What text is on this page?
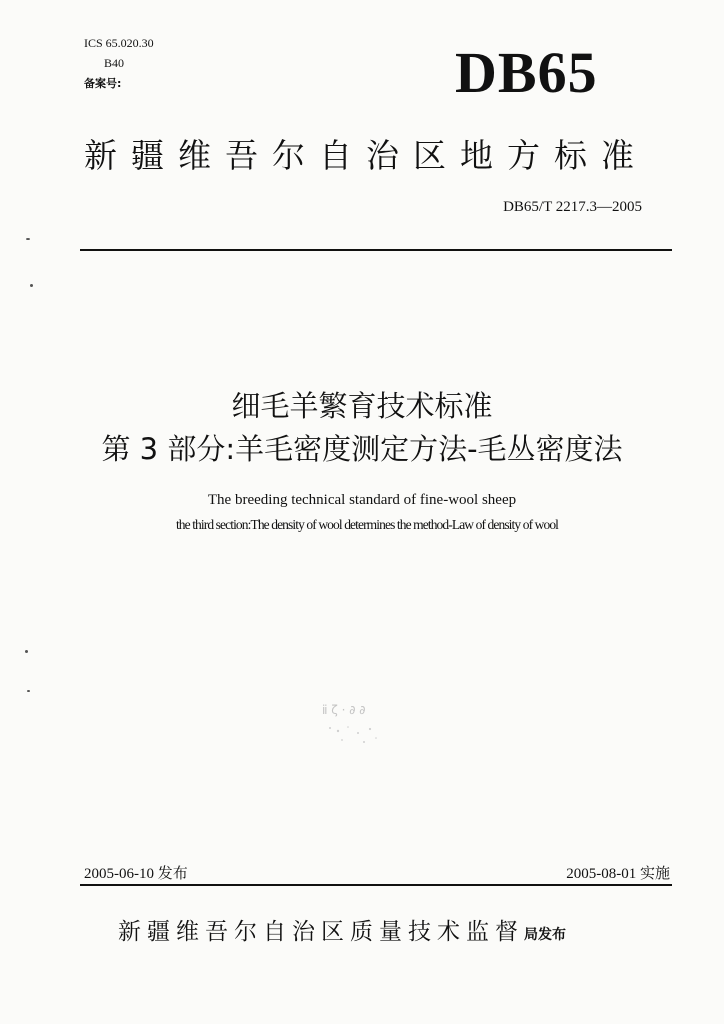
ICS 65.020.30
B40
备案号:	DB65
新疆维吾尔自治区地方标准
DB65/T 2217.3—2005
细毛羊繁育技术标准
第 3 部分:羊毛密度测定方法-毛丛密度法
The breeding technical standard of fine-wool sheep
the third section:The density of wool determines the method-Law of density of wool
ⅱ ζ · ∂ ∂
2005-06-10 发布	2005-08-01 实施
新疆维吾尔自治区质量技术监督局发布
